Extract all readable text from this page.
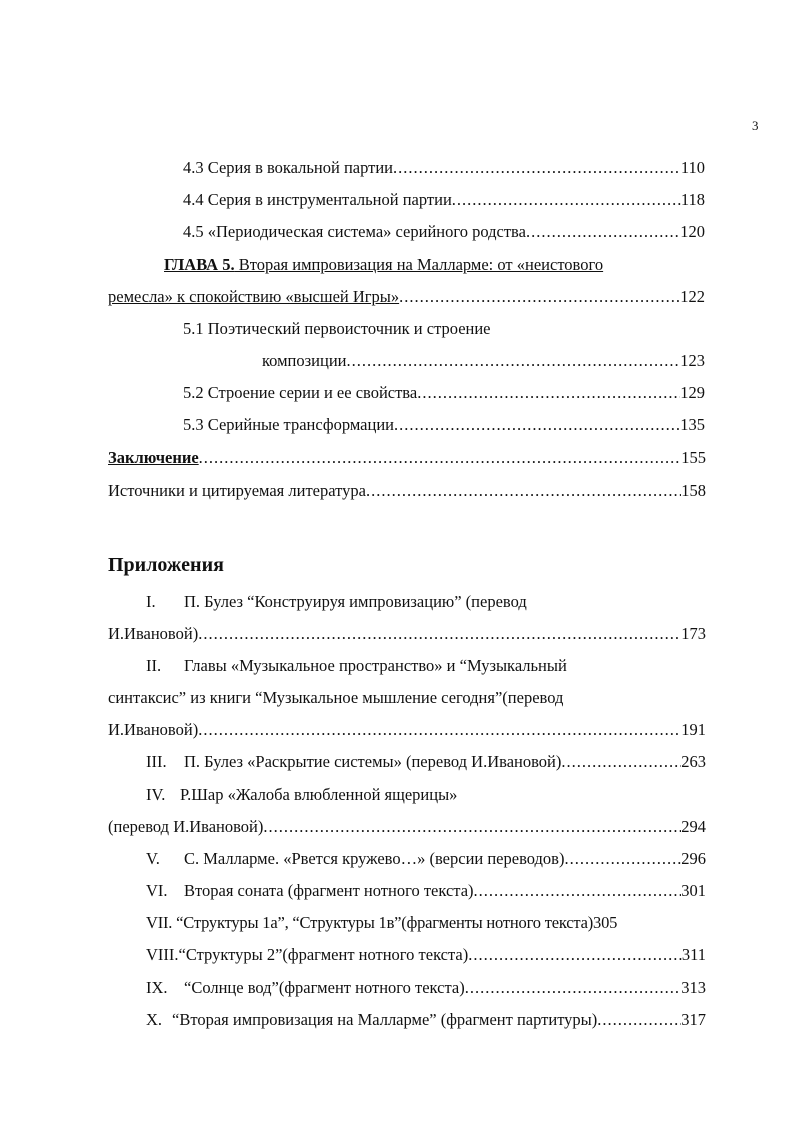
3
4.3 Серия в вокальной партии .....	110
4.4 Серия в инструментальной партии .....	118
4.5 «Периодическая система» серийного родства .....	120
ГЛАВА 5. Вторая импровизация на Малларме: от «неистового
ремесла» к спокойствию «высшей Игры» .....	122
5.1 Поэтический первоисточник и строение
композиции .....	123
5.2 Строение серии и ее свойства .....	129
5.3 Серийные трансформации .....	135
Заключение .....	155
Источники и цитируемая литература .....	158
Приложения
I. П. Булез “Конструируя импровизацию” (перевод
И.Ивановой) .....	173
II. Главы «Музыкальное пространство» и “Музыкальный
синтаксис” из книги “Музыкальное мышление сегодня”(перевод
И.Ивановой) .....	191
III. П. Булез «Раскрытие системы» (перевод И.Ивановой) .....	263
IV. Р.Шар «Жалоба влюбленной ящерицы»
(перевод И.Ивановой) .....	294
V. С. Малларме. «Рвется кружево…» (версии переводов) .....	296
VI. Вторая соната (фрагмент нотного текста) .....	301
VII. “Структуры 1а”, “Структуры 1в”(фрагменты нотного текста)305
VIII.“Структуры 2”(фрагмент нотного текста) .....	311
IX. “Солнце вод”(фрагмент нотного текста) .....	313
X. “Вторая импровизация на Малларме” (фрагмент партитуры) .....	317
